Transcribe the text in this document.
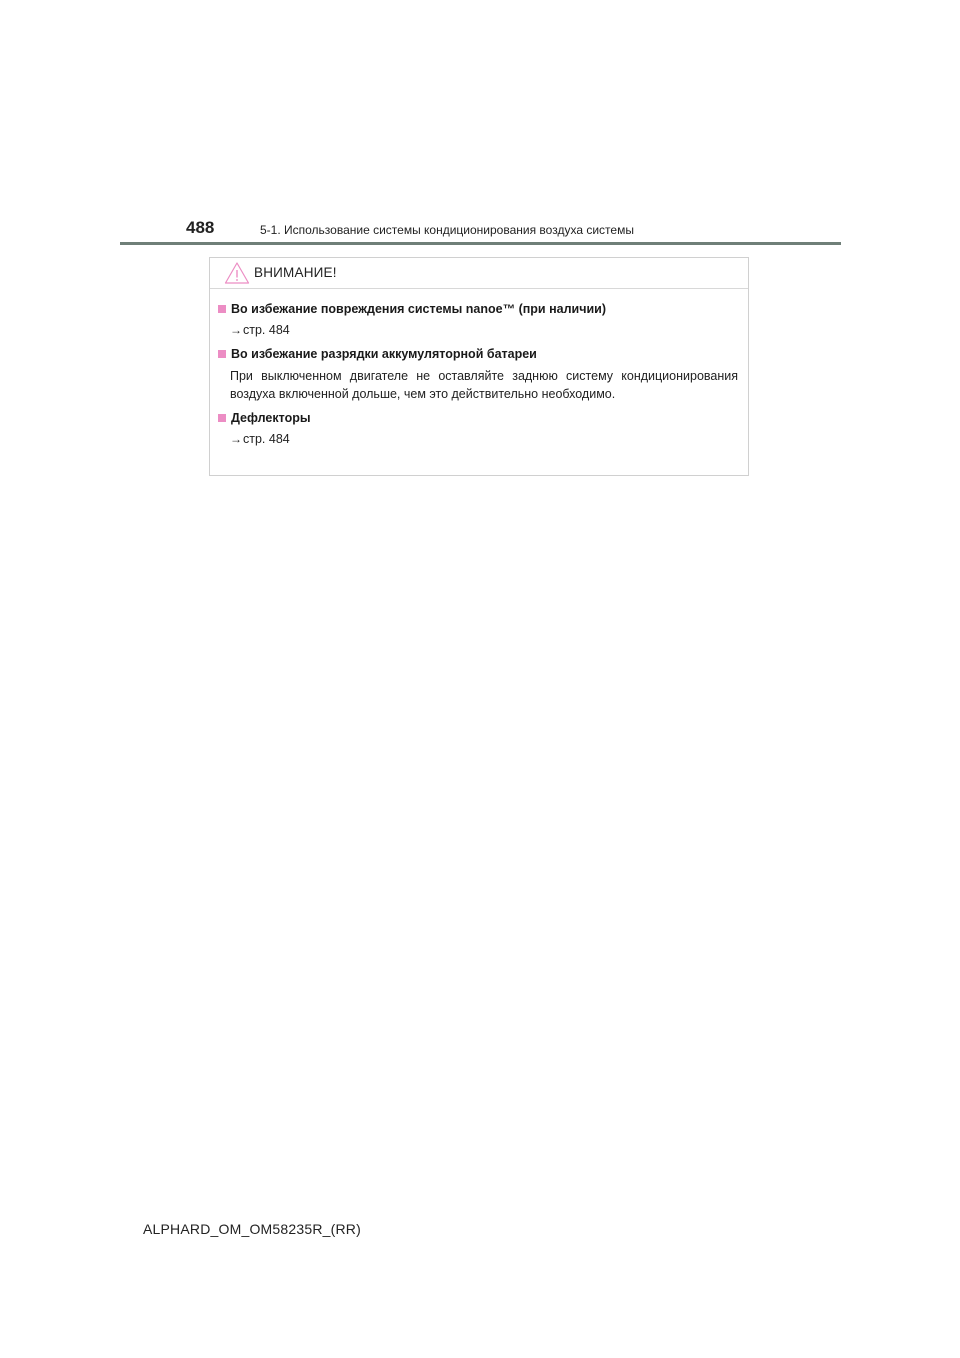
488	5-1. Использование системы кондиционирования воздуха системы
ВНИМАНИЕ!
Во избежание повреждения системы nanoe™ (при наличии)
→стр. 484
Во избежание разрядки аккумуляторной батареи
При выключенном двигателе не оставляйте заднюю систему кондиционирования воздуха включенной дольше, чем это действительно необходимо.
Дефлекторы
→стр. 484
ALPHARD_OM_OM58235R_(RR)
